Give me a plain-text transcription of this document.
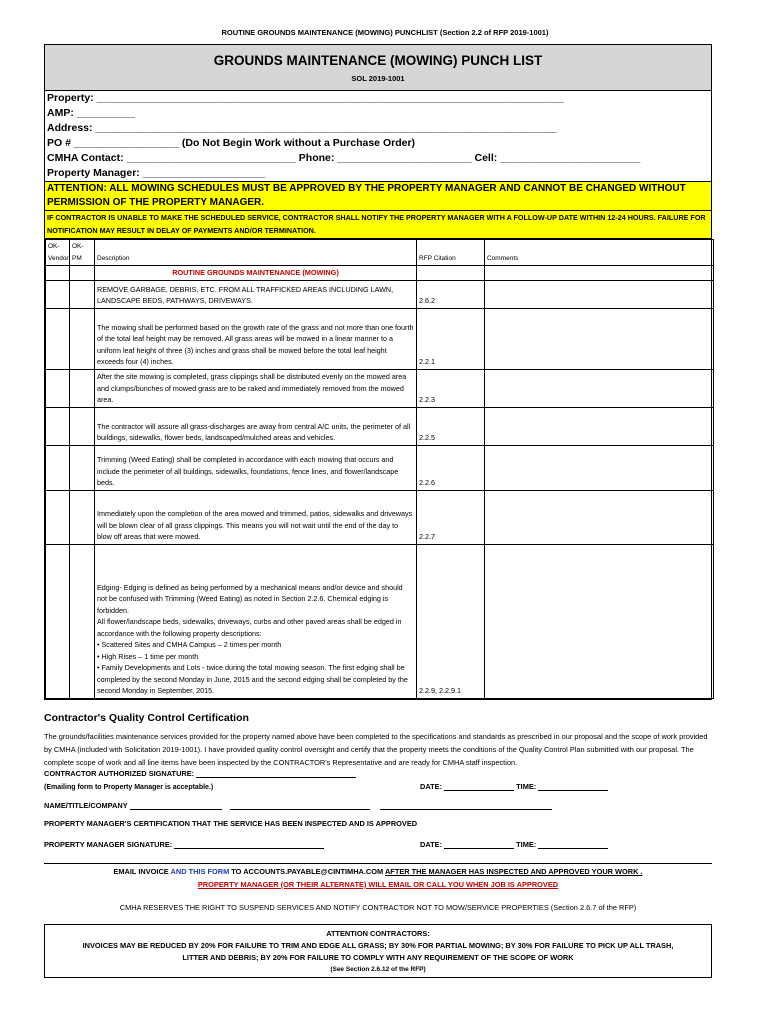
ROUTINE GROUNDS MAINTENANCE (MOWING) PUNCHLIST (Section 2.2 of RFP 2019-1001)
GROUNDS MAINTENANCE (MOWING) PUNCH LIST
SOL 2019-1001
Property: ________________________________________________________________________________
AMP: __________
Address: _______________________________________________________________________________
PO # __________________ (Do Not Begin Work without a Purchase Order)
CMHA Contact: _____________________________ Phone: _______________________ Cell: ________________________
Property Manager: _____________________
ATTENTION: ALL MOWING SCHEDULES MUST BE APPROVED BY THE PROPERTY MANAGER AND CANNOT BE CHANGED WITHOUT PERMISSION OF THE PROPERTY MANAGER.
IF CONTRACTOR IS UNABLE TO MAKE THE SCHEDULED SERVICE, CONTRACTOR SHALL NOTIFY THE PROPERTY MANAGER WITH A FOLLOW-UP DATE WITHIN 12-24 HOURS. FAILURE FOR NOTIFICATION MAY RESULT IN DELAY OF PAYMENTS AND/OR TERMINATION.
OK-Vendor	OK-PM	Description	RFP Citation	Comments
		ROUTINE GROUNDS MAINTENANCE (MOWING)		
		REMOVE GARBAGE, DEBRIS, ETC. FROM ALL TRAFFICKED AREAS INCLUDING LAWN, LANDSCAPE BEDS, PATHWAYS, DRIVEWAYS.	2.6.2	
		The mowing shall be performed based on the growth rate of the grass and not more than one fourth of the total leaf height may be removed. All grass areas will be mowed in a linear manner to a uniform leaf height of three (3) inches and grass shall be mowed before the total leaf height exceeds four (4) inches.	2.2.1	
		After the site mowing is completed, grass clippings shall be distributed evenly on the mowed area and clumps/bunches of mowed grass are to be raked and immediately removed from the mowed area.	2.2.3	
		The contractor will assure all grass-discharges are away from central A/C units, the perimeter of all buildings, sidewalks, flower beds, landscaped/mulched areas and vehicles.	2.2.5	
		Trimming (Weed Eating) shall be completed in accordance with each mowing that occurs and include the perimeter of all buildings, sidewalks, foundations, fence lines, and flower/landscape beds.	2.2.6	
		Immediately upon the completion of the area mowed and trimmed, patios, sidewalks and driveways will be blown clear of all grass clippings. This means you will not wait until the end of the day to blow off areas that were mowed.	2.2.7	
		Edging- Edging is defined as being performed by a mechanical means and/or device and should not be confused with Trimming (Weed Eating) as noted in Section 2.2.6. Chemical edging is forbidden.
All flower/landscape beds, sidewalks, driveways, curbs and other paved areas shall be edged in accordance with the following property descriptions:
• Scattered Sites and CMHA Campus – 2 times per month
• High Rises – 1 time per month
• Family Developments and Lots - twice during the total mowing season. The first edging shall be completed by the second Monday in June, 2015 and the second edging shall be completed by the second Monday in September, 2015.	2.2.9, 2.2.9.1	
Contractor's Quality Control Certification
The grounds/facilities maintenance services provided for the property named above have been completed to the specifications and standards as prescribed in our proposal and the scope of work provided by CMHA (included with Solicitation 2019-1001). I have provided quality control oversight and certify that the property meets the conditions of the Quality Control Plan submitted with our proposal. The complete scope of work and all line items have been inspected by the CONTRACTOR's Representative and are ready for CMHA staff inspection.
CONTRACTOR AUTHORIZED SIGNATURE:
(Emailing form to Property Manager is acceptable.)	DATE:	TIME:
NAME/TITLE/COMPANY
PROPERTY MANAGER'S CERTIFICATION THAT THE SERVICE HAS BEEN INSPECTED AND IS APPROVED
PROPERTY MANAGER SIGNATURE:	DATE:	TIME:
EMAIL INVOICE AND THIS FORM TO ACCOUNTS.PAYABLE@CINTIMHA.COM AFTER THE MANAGER HAS INSPECTED AND APPROVED YOUR WORK .
PROPERTY MANAGER (OR THEIR ALTERNATE) WILL EMAIL OR CALL YOU WHEN JOB IS APPROVED
CMHA RESERVES THE RIGHT TO SUSPEND SERVICES AND NOTIFY CONTRACTOR NOT TO MOW/SERVICE PROPERTIES (Section 2.6.7 of the RFP)
ATTENTION CONTRACTORS:
INVOICES MAY BE REDUCED BY 20% FOR FAILURE TO TRIM AND EDGE ALL GRASS; BY 30% FOR PARTIAL MOWING; BY 30% FOR FAILURE TO PICK UP ALL TRASH,
LITTER AND DEBRIS; BY 20% FOR FAILURE TO COMPLY WITH ANY REQUIREMENT OF THE SCOPE OF WORK
(See Section 2.6.12 of the RFP)
